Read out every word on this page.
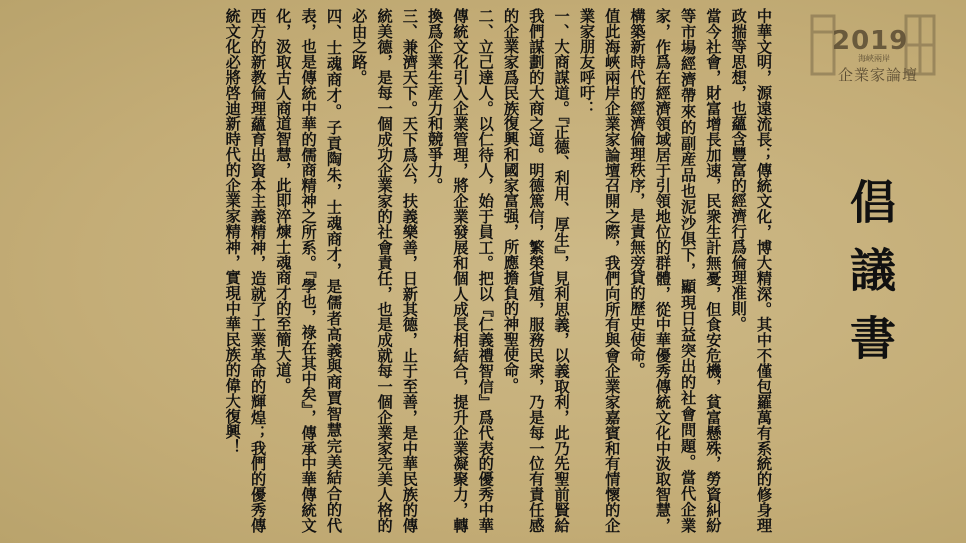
2019
海峽兩岸
企業家論壇
倡議書

中華文明，源遠流長；傳統文化，博大精深。其中不僅包羅萬有系統的修身理政揣等思想，也蘊含豐富的經濟行爲倫理准則。

當今社會，財富增長加速，民衆生計無憂，但食安危機，貧富懸殊，勞資糾紛等市場經濟帶來的副産品也泥沙俱下，顯現日益突出的社會問題。當代企業家，作爲在經濟領域居于引領地位的群體，從中華優秀傳統文化中汲取智慧，構築新時代的經濟倫理秩序，是責無旁貸的歷史使命。

值此海峽兩岸企業家論壇召開之際，我們向所有與會企業家嘉賓和有情懷的企業家朋友呼吁：

一、大商謀道。『正德、利用、厚生』，見利思義，以義取利，此乃先聖前賢給我們謀劃的大商之道。明德篤信，繁榮貨殖，服務民衆，乃是每一位有責任感的企業家爲民族復興和國家富强，所應擔負的神聖使命。

二、立己達人。以仁待人，始于員工。把以『仁義禮智信』爲代表的優秀中華傳統文化引入企業管理，將企業發展和個人成長相結合，提升企業凝聚力，轉換爲企業生産力和競爭力。

三、兼濟天下。天下爲公，扶義樂善，日新其德，止于至善，是中華民族的傳統美德，是每一個成功企業家的社會責任，也是成就每一個企業家完美人格的必由之路。

四、士魂商才。子貢陶朱，士魂商才，是儒者高義與商賈智慧完美結合的代表，也是傳統中華的儒商精神之所系。『學也，祿在其中矣』，傳承中華傳統文化，汲取古人商道智慧，此即淬煉士魂商才的至簡大道。

西方的新教倫理蘊育出資本主義精神，造就了工業革命的輝煌；我們的優秀傳統文化必將啓迪新時代的企業家精神，實現中華民族的偉大復興！
